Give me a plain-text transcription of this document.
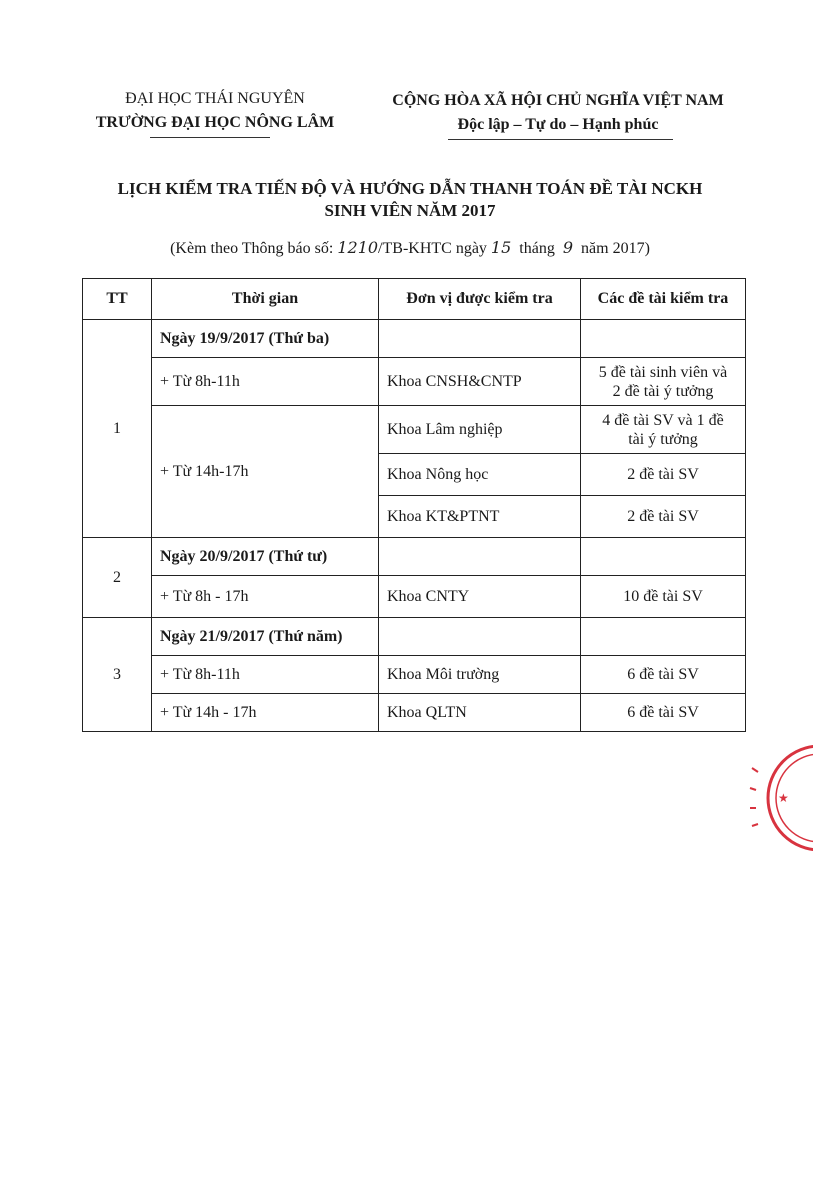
ĐẠI HỌC THÁI NGUYÊN
TRƯỜNG ĐẠI HỌC NÔNG LÂM
CỘNG HÒA XÃ HỘI CHỦ NGHĨA VIỆT NAM
Độc lập – Tự do – Hạnh phúc
LỊCH KIỂM TRA TIẾN ĐỘ VÀ HƯỚNG DẪN THANH TOÁN ĐỀ TÀI NCKH
SINH VIÊN NĂM 2017
(Kèm theo Thông báo số: 1210/TB-KHTC ngày 15 tháng 9 năm 2017)
TT	Thời gian	Đơn vị được kiểm tra	Các đề tài kiểm tra
1	Ngày 19/9/2017 (Thứ ba)		
	+ Từ 8h-11h	Khoa CNSH&CNTP	5 đề tài sinh viên và
2 đề tài ý tưởng

	+ Từ 14h-17h	Khoa Lâm nghiệp	4 đề tài SV và 1 đề
tài ý tưởng

		Khoa Nông học	2 đề tài SV
		Khoa KT&PTNT	2 đề tài SV
2	Ngày 20/9/2017 (Thứ tư)		
	+ Từ 8h - 17h	Khoa CNTY	10 đề tài SV
3	Ngày 21/9/2017 (Thứ năm)		
	+ Từ 8h-11h	Khoa Môi trường	6 đề tài SV
	+ Từ 14h - 17h	Khoa QLTN	6 đề tài SV
★
